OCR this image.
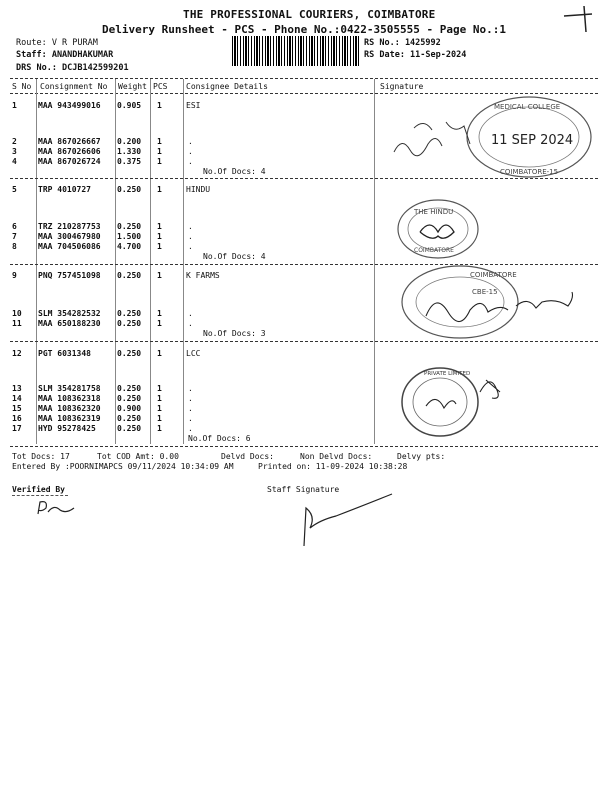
THE PROFESSIONAL COURIERS, COIMBATORE
Delivery Runsheet - PCS - Phone No.:0422-3505555 - Page No.:1
Route: V R PURAM
Staff: ANANDHAKUMAR
DRS No.: DCJB142599201
RS No.: 1425992
RS Date: 11-Sep-2024
S No Consignment No Weight PCS Consignee Details	Signature
1	MAA 943499016 0.905 1	ESI
2	MAA 867026667 0.200 1	.
3	MAA 867026606 1.330 1	.
4	MAA 867026724 0.375 1	.
No.Of Docs: 4
MEDICAL COLLEGE
11 SEP 2024
COIMBATORE-15
5	TRP 4010727	0.250 1	HINDU
6	TRZ 210287753 0.250 1	.
7	MAA 300467980 1.500 1	.
8	MAA 704506086 4.700 1	.
No.Of Docs: 4
THE HINDU
COIMBATORE
9	PNQ 757451098 0.250 1	K FARMS
10 SLM 354282532 0.250 1	.
11 MAA 650188230 0.250 1	.
No.Of Docs: 3
COIMBATORE
CBE-15
12 PGT 6031348	0.250 1	LCC
13 SLM 354281758 0.250 1	.
14 MAA 108362318 0.250 1	.
15 MAA 108362320 0.900 1	.
16 MAA 108362319 0.250 1	.
17 HYD 95278425	0.250 1	.
No.Of Docs: 6
PRIVATE LIMITED
Tot Docs: 17	Tot COD Amt: 0.00	Delvd Docs:	Non Delvd Docs:	Delvy pts:
Entered By :POORNIMAPCS 09/11/2024 10:34:09 AM	Printed on: 11-09-2024 10:38:28
Verified By	Staff Signature
